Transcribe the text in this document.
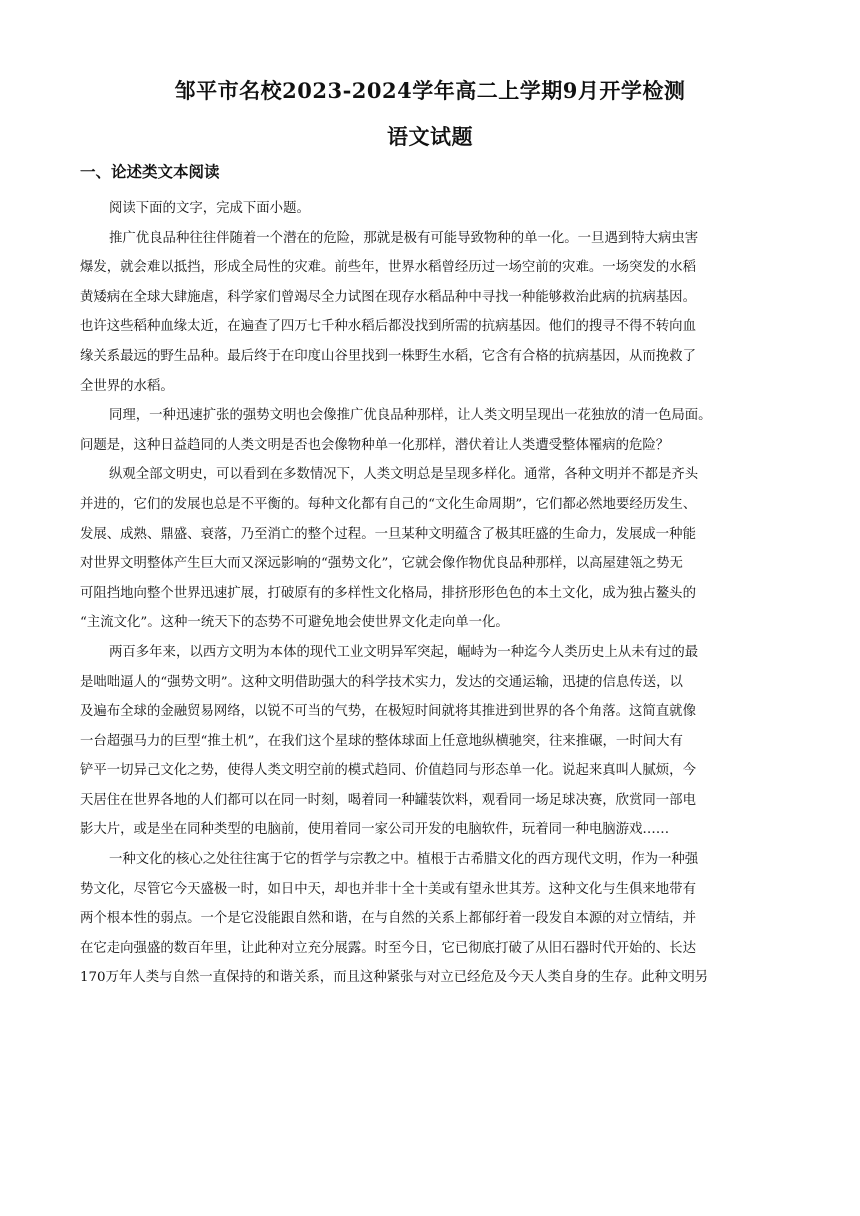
邹平市名校2023-2024学年高二上学期9月开学检测
语文试题
一、论述类文本阅读
阅读下面的文字，完成下面小题。
推广优良品种往往伴随着一个潜在的危险，那就是极有可能导致物种的单一化。一旦遇到特大病虫害
爆发，就会难以抵挡，形成全局性的灾难。前些年，世界水稻曾经历过一场空前的灾难。一场突发的水稻
黄矮病在全球大肆施虐，科学家们曾竭尽全力试图在现存水稻品种中寻找一种能够救治此病的抗病基因。
也许这些稻种血缘太近，在遍查了四万七千种水稻后都没找到所需的抗病基因。他们的搜寻不得不转向血
缘关系最远的野生品种。最后终于在印度山谷里找到一株野生水稻，它含有合格的抗病基因，从而挽救了
全世界的水稻。
同理，一种迅速扩张的强势文明也会像推广优良品种那样，让人类文明呈现出一花独放的清一色局面。
问题是，这种日益趋同的人类文明是否也会像物种单一化那样，潜伏着让人类遭受整体罹病的危险？
纵观全部文明史，可以看到在多数情况下，人类文明总是呈现多样化。通常，各种文明并不都是齐头
并进的，它们的发展也总是不平衡的。每种文化都有自己的“文化生命周期”，它们都必然地要经历发生、
发展、成熟、鼎盛、衰落，乃至消亡的整个过程。一旦某种文明蕴含了极其旺盛的生命力，发展成一种能
对世界文明整体产生巨大而又深远影响的“强势文化”，它就会像作物优良品种那样，以高屋建瓴之势无
可阻挡地向整个世界迅速扩展，打破原有的多样性文化格局，排挤形形色色的本土文化，成为独占鳌头的
“主流文化”。这种一统天下的态势不可避免地会使世界文化走向单一化。
两百多年来，以西方文明为本体的现代工业文明异军突起，崛峙为一种迄今人类历史上从未有过的最
是咄咄逼人的“强势文明”。这种文明借助强大的科学技术实力，发达的交通运输，迅捷的信息传送，以
及遍布全球的金融贸易网络，以锐不可当的气势，在极短时间就将其推进到世界的各个角落。这简直就像
一台超强马力的巨型“推土机”，在我们这个星球的整体球面上任意地纵横驰突，往来推碾，一时间大有
铲平一切异己文化之势，使得人类文明空前的模式趋同、价值趋同与形态单一化。说起来真叫人腻烦，今
天居住在世界各地的人们都可以在同一时刻，喝着同一种罐装饮料，观看同一场足球决赛，欣赏同一部电
影大片，或是坐在同种类型的电脑前，使用着同一家公司开发的电脑软件，玩着同一种电脑游戏……
一种文化的核心之处往往寓于它的哲学与宗教之中。植根于古希腊文化的西方现代文明，作为一种强
势文化，尽管它今天盛极一时，如日中天，却也并非十全十美或有望永世其芳。这种文化与生俱来地带有
两个根本性的弱点。一个是它没能跟自然和谐，在与自然的关系上都郁纡着一段发自本源的对立情结，并
在它走向强盛的数百年里，让此种对立充分展露。时至今日，它已彻底打破了从旧石器时代开始的、长达
170万年人类与自然一直保持的和谐关系，而且这种紧张与对立已经危及今天人类自身的生存。此种文明另
